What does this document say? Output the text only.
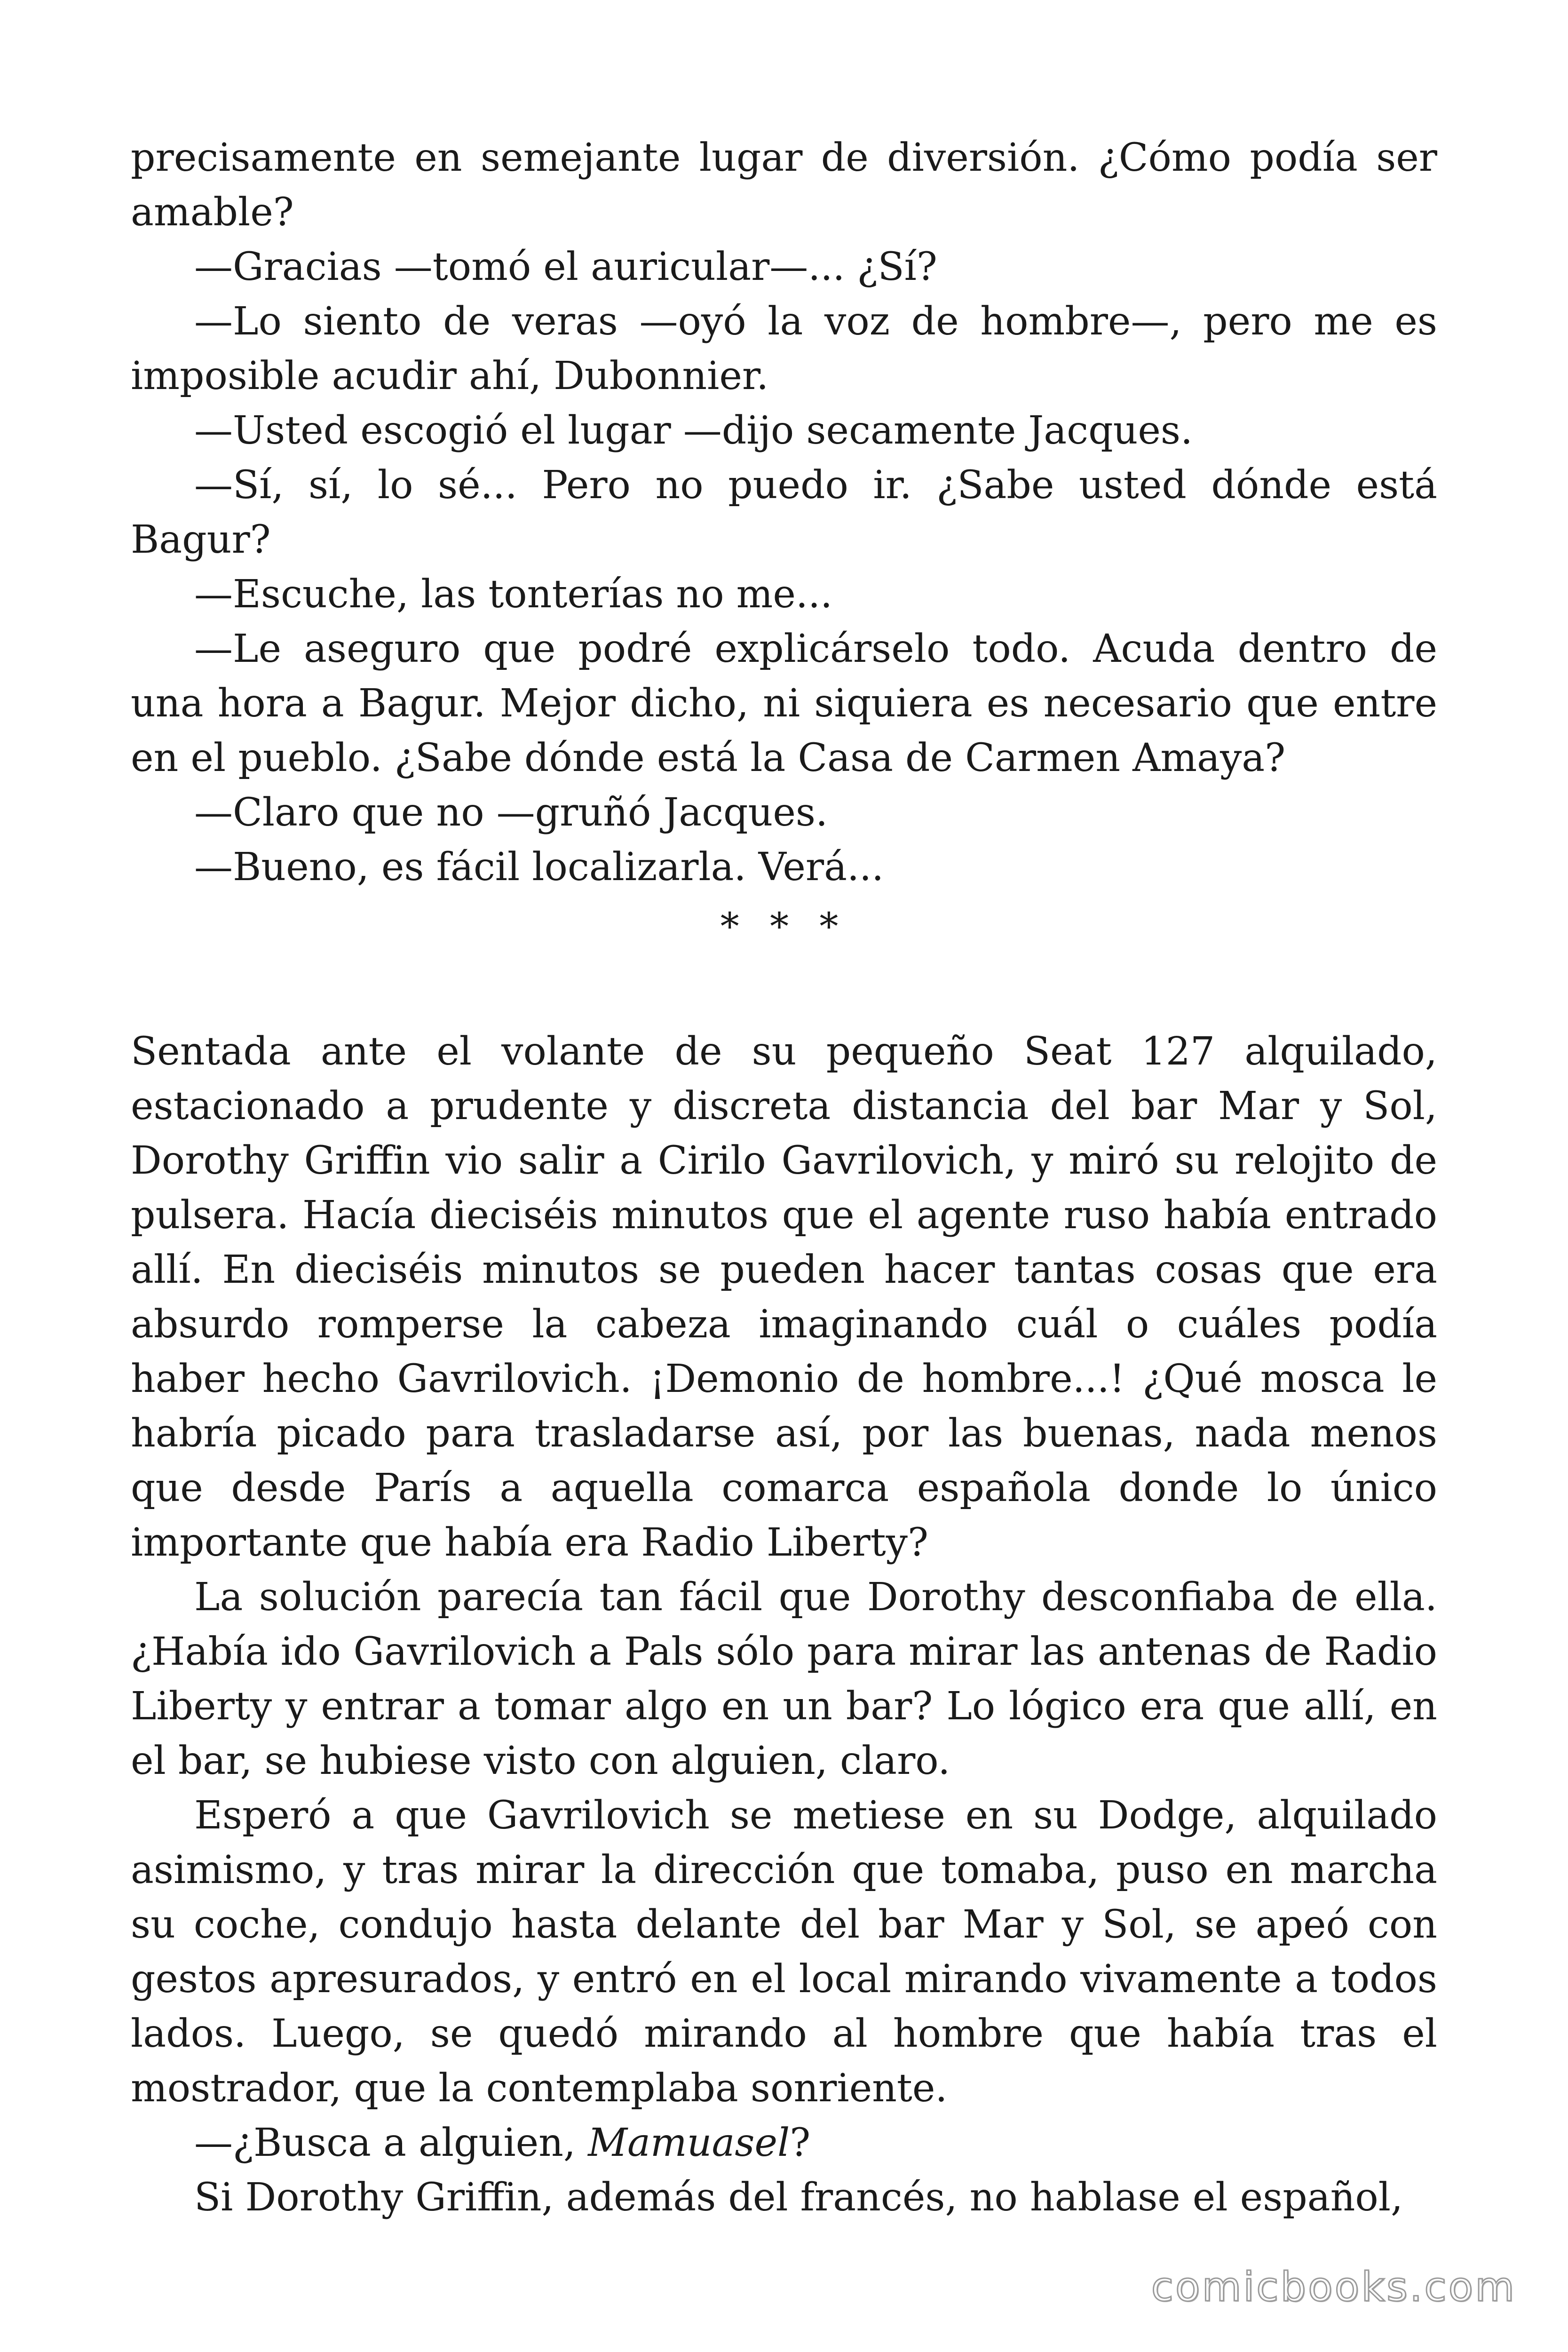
precisamente en semejante lugar de diversión. ¿Cómo podía ser amable?

—Gracias —tomó el auricular—... ¿Sí?

—Lo siento de veras —oyó la voz de hombre—, pero me es imposible acudir ahí, Dubonnier.

—Usted escogió el lugar —dijo secamente Jacques.

—Sí, sí, lo sé... Pero no puedo ir. ¿Sabe usted dónde está Bagur?

—Escuche, las tonterías no me...

—Le aseguro que podré explicárselo todo. Acuda dentro de una hora a Bagur. Mejor dicho, ni siquiera es necesario que entre en el pueblo. ¿Sabe dónde está la Casa de Carmen Amaya?

—Claro que no —gruñó Jacques.

—Bueno, es fácil localizarla. Verá...

* * *

Sentada ante el volante de su pequeño Seat 127 alquilado, estacionado a prudente y discreta distancia del bar Mar y Sol, Dorothy Griffin vio salir a Cirilo Gavrilovich, y miró su relojito de pulsera. Hacía dieciséis minutos que el agente ruso había entrado allí. En dieciséis minutos se pueden hacer tantas cosas que era absurdo romperse la cabeza imaginando cuál o cuáles podía haber hecho Gavrilovich. ¡Demonio de hombre...! ¿Qué mosca le habría picado para trasladarse así, por las buenas, nada menos que desde París a aquella comarca española donde lo único importante que había era Radio Liberty?

La solución parecía tan fácil que Dorothy desconfiaba de ella. ¿Había ido Gavrilovich a Pals sólo para mirar las antenas de Radio Liberty y entrar a tomar algo en un bar? Lo lógico era que allí, en el bar, se hubiese visto con alguien, claro.

Esperó a que Gavrilovich se metiese en su Dodge, alquilado asimismo, y tras mirar la dirección que tomaba, puso en marcha su coche, condujo hasta delante del bar Mar y Sol, se apeó con gestos apresurados, y entró en el local mirando vivamente a todos lados. Luego, se quedó mirando al hombre que había tras el mostrador, que la contemplaba sonriente.

—¿Busca a alguien, Mamuasel?

Si Dorothy Griffin, además del francés, no hablase el español,

comicbooks.com
